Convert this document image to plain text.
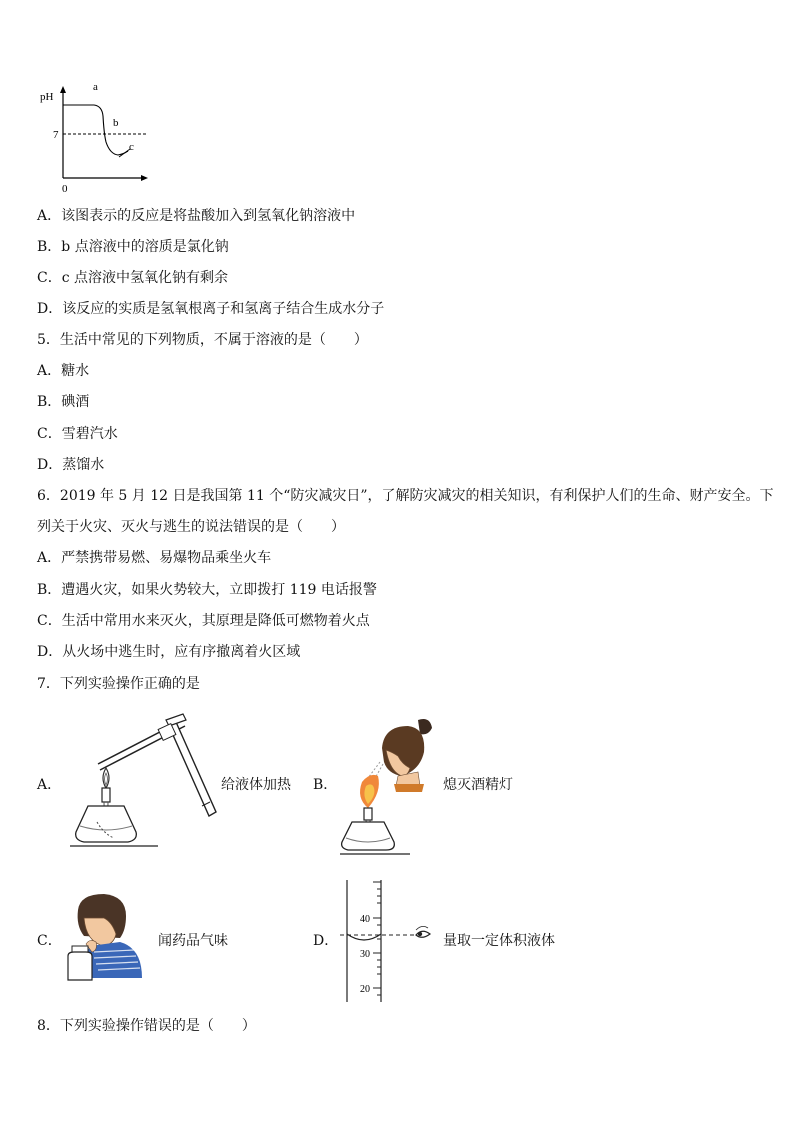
pH
7
0
a
b
c
A．该图表示的反应是将盐酸加入到氢氧化钠溶液中
B．b 点溶液中的溶质是氯化钠
C．c 点溶液中氢氧化钠有剩余
D．该反应的实质是氢氧根离子和氢离子结合生成水分子
5．生活中常见的下列物质，不属于溶液的是（　　）
A．糖水
B．碘酒
C．雪碧汽水
D．蒸馏水
6．2019 年 5 月 12 日是我国第 11 个“防灾减灾日”，了解防灾减灾的相关知识，有利保护人们的生命、财产安全。下
列关于火灾、灭火与逃生的说法错误的是（　　）
A．严禁携带易燃、易爆物品乘坐火车
B．遭遇火灾，如果火势较大，立即拨打 119 电话报警
C．生活中常用水来灭火，其原理是降低可燃物着火点
D．从火场中逃生时，应有序撤离着火区域
7．下列实验操作正确的是
A．	给液体加热 B．	熄灭酒精灯
C．	闻药品气味	D．
40
30
20
量取一定体积液体
8．下列实验操作错误的是（　　）
